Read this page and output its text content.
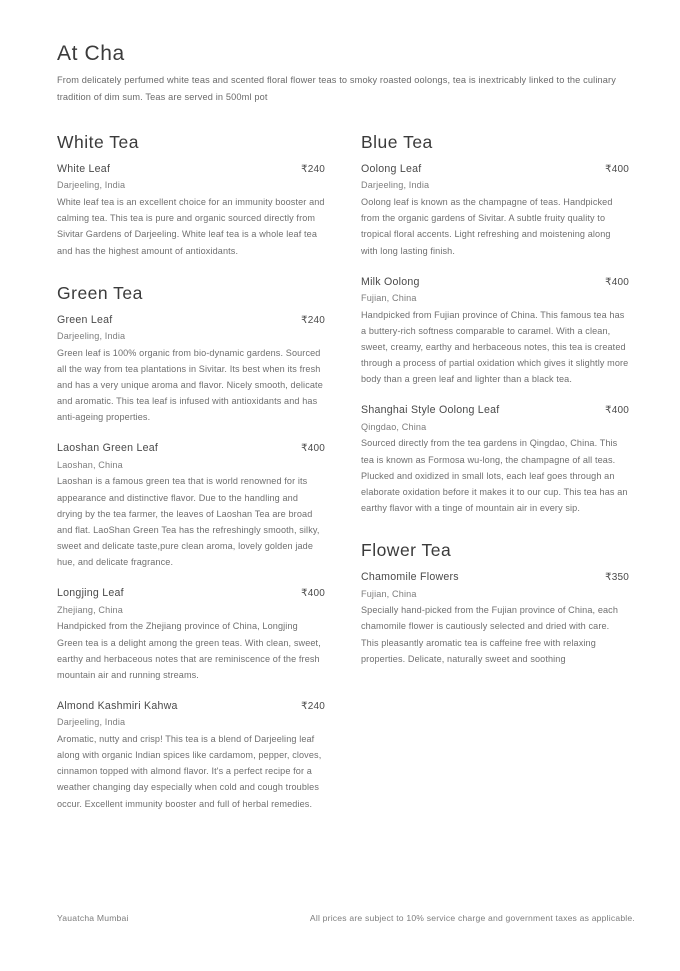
At Cha

From delicately perfumed white teas and scented floral flower teas to smoky roasted oolongs, tea is inextricably linked to the culinary tradition of dim sum. Teas are served in 500ml pot

White Tea
White Leaf	₹240
Darjeeling, India
White leaf tea is an excellent choice for an immunity booster and calming tea. This tea is pure and organic sourced directly from Sivitar Gardens of Darjeeling. White leaf tea is a whole leaf tea and has the highest amount of antioxidants.
Green Tea
Green Leaf	₹240
Darjeeling, India
Green leaf is 100% organic from bio-dynamic gardens. Sourced all the way from tea plantations in Sivitar. Its best when its fresh and has a very unique aroma and flavor. Nicely smooth, delicate and aromatic. This tea leaf is infused with antioxidants and has anti-ageing properties.
Laoshan Green Leaf	₹400
Laoshan, China
Laoshan is a famous green tea that is world renowned for its appearance and distinctive flavor. Due to the handling and drying by the tea farmer, the leaves of Laoshan Tea are broad and flat. LaoShan Green Tea has the refreshingly smooth, silky, sweet and delicate taste,pure clean aroma, lovely golden jade hue, and delicate fragrance.
Longjing Leaf	₹400
Zhejiang, China
Handpicked from the Zhejiang province of China, Longjing Green tea is a delight among the green teas. With clean, sweet, earthy and herbaceous notes that are reminiscence of the fresh mountain air and running streams.
Almond Kashmiri Kahwa	₹240
Darjeeling, India
Aromatic, nutty and crisp! This tea is a blend of Darjeeling leaf along with organic Indian spices like cardamom, pepper, cloves, cinnamon topped with almond flavor. It's a perfect recipe for a weather changing day especially when cold and cough troubles occur. Excellent immunity booster and full of herbal remedies.
Blue Tea
Oolong Leaf	₹400
Darjeeling, India
Oolong leaf is known as the champagne of teas. Handpicked from the organic gardens of Sivitar. A subtle fruity quality to tropical floral accents. Light refreshing and moistening along with long lasting finish.
Milk Oolong	₹400
Fujian, China
Handpicked from Fujian province of China. This famous tea has a buttery-rich softness comparable to caramel. With a clean, sweet, creamy, earthy and herbaceous notes, this tea is created through a process of partial oxidation which gives it slightly more body than a green leaf and lighter than a black tea.
Shanghai Style Oolong Leaf	₹400
Qingdao, China
Sourced directly from the tea gardens in Qingdao, China. This tea is known as Formosa wu-long, the champagne of all teas. Plucked and oxidized in small lots, each leaf goes through an elaborate oxidation before it makes it to our cup. This tea has an earthy flavor with a tinge of mountain air in every sip.
Flower Tea
Chamomile Flowers	₹350
Fujian, China
Specially hand-picked from the Fujian province of China, each chamomile flower is cautiously selected and dried with care. This pleasantly aromatic tea is caffeine free with relaxing properties. Delicate, naturally sweet and soothing
Yauatcha Mumbai	All prices are subject to 10% service charge and government taxes as applicable.
